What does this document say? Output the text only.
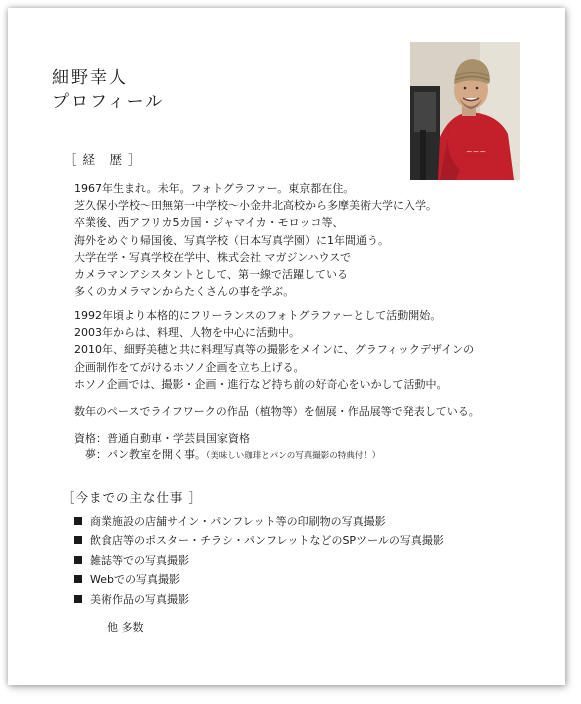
細野幸人
プロフィール
~~~
［ 経　歴 ］
1967年生まれ。未年。フォトグラファー。東京都在住。
芝久保小学校～田無第一中学校～小金井北高校から多摩美術大学に入学。
卒業後、西アフリカ5カ国・ジャマイカ・モロッコ等、
海外をめぐり帰国後、写真学校（日本写真学園）に1年間通う。
大学在学・写真学校在学中、株式会社 マガジンハウスで
カメラマンアシスタントとして、第一線で活躍している
多くのカメラマンからたくさんの事を学ぶ。
1992年頃より本格的にフリーランスのフォトグラファーとして活動開始。
2003年からは、料理、人物を中心に活動中。
2010年、細野美穂と共に料理写真等の撮影をメインに、グラフィックデザインの
企画制作をてがけるホソノ企画を立ち上げる。
ホソノ企画では、撮影・企画・進行など持ち前の好奇心をいかして活動中。
数年のペースでライフワークの作品（植物等）を個展・作品展等で発表している。
資格：普通自動車・学芸員国家資格
　夢：パン教室を開く事。（美味しい珈琲とパンの写真撮影の特典付！）
［今までの主な仕事 ］
商業施設の店舗サイン・パンフレット等の印刷物の写真撮影
飲食店等のポスター・チラシ・パンフレットなどのSPツールの写真撮影
雑誌等での写真撮影
Webでの写真撮影
美術作品の写真撮影
他 多数
